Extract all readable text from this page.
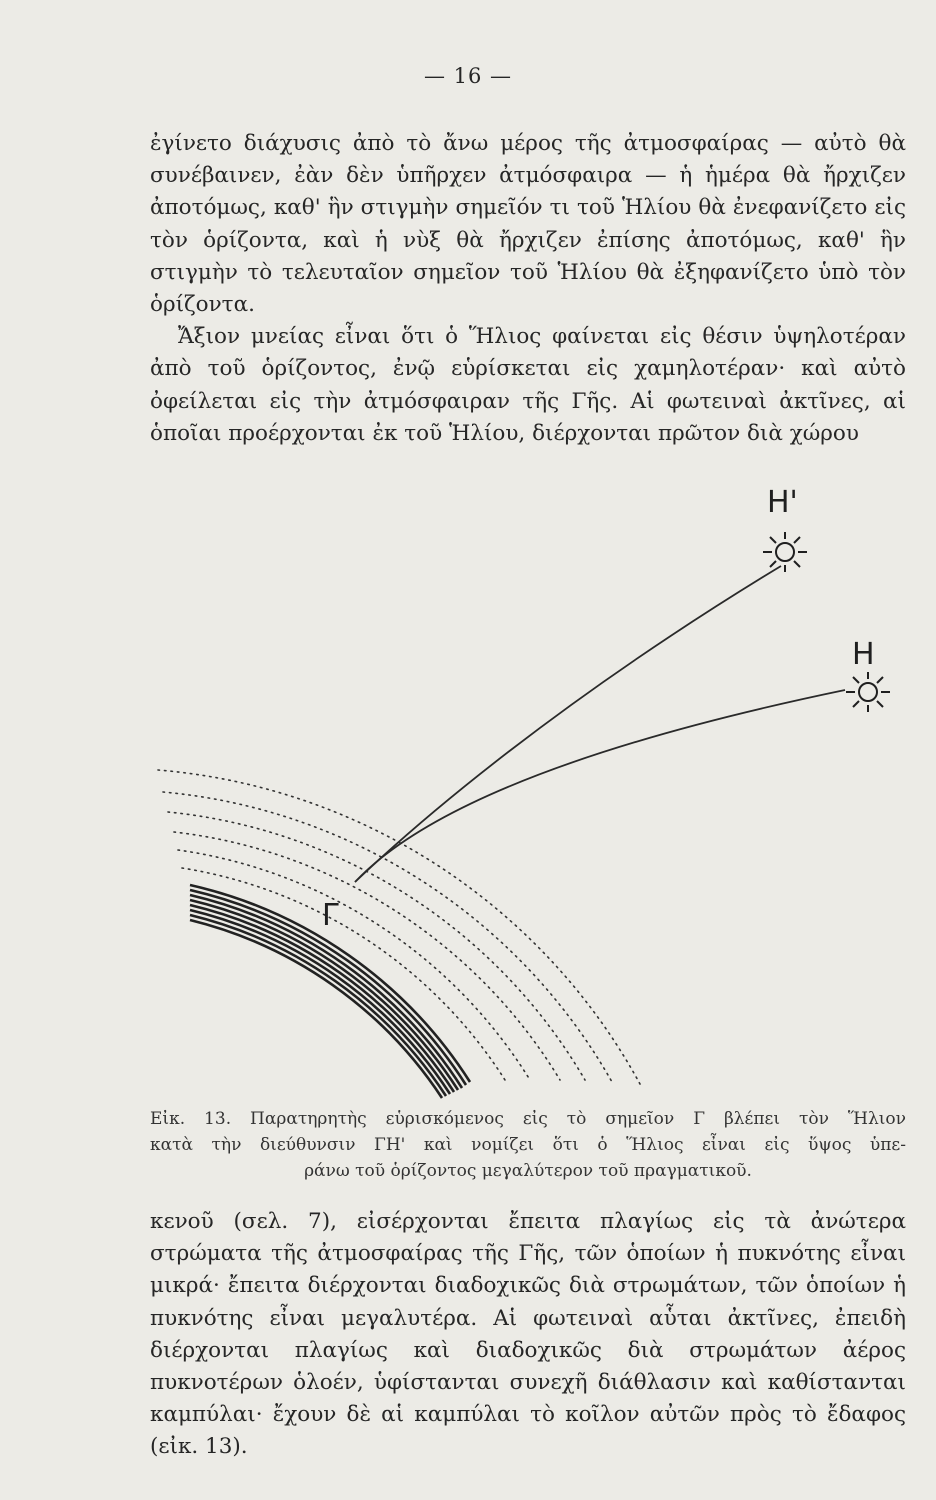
— 16 —

ἐγίνετο διάχυσις ἀπὸ τὸ ἄνω μέρος τῆς ἀτμοσφαίρας — αὐτὸ θὰ συνέβαινεν, ἐὰν δὲν ὑπῆρχεν ἀτμόσφαιρα — ἡ ἡμέρα θὰ ἤρχιζεν ἀποτόμως, καθ' ἣν στιγμὴν σημεῖόν τι τοῦ Ἡλίου θὰ ἐνεφανίζετο εἰς τὸν ὁρίζοντα, καὶ ἡ νὺξ θὰ ἤρχιζεν ἐπίσης ἀποτόμως, καθ' ἣν στιγμὴν τὸ τελευταῖον σημεῖον τοῦ Ἡλίου θὰ ἐξηφανίζετο ὑπὸ τὸν ὁρίζοντα.

Ἄξιον μνείας εἶναι ὅτι ὁ Ἥλιος φαίνεται εἰς θέσιν ὑψηλοτέραν ἀπὸ τοῦ ὁρίζοντος, ἐνῷ εὑρίσκεται εἰς χαμηλοτέραν· καὶ αὐτὸ ὀφείλεται εἰς τὴν ἀτμόσφαιραν τῆς Γῆς. Αἱ φωτειναὶ ἀκτῖνες, αἱ ὁποῖαι προέρχονται ἐκ τοῦ Ἡλίου, διέρχονται πρῶτον διὰ χώρου

Η'
Η
Γ
Εἰκ. 13. Παρατηρητὴς εὑρισκόμενος εἰς τὸ σημεῖον Γ βλέπει τὸν Ἥλιον
κατὰ τὴν διεύθυνσιν ΓΗ' καὶ νομίζει ὅτι ὁ Ἥλιος εἶναι εἰς ὕψος ὑπε-
ράνω τοῦ ὁρίζοντος μεγαλύτερον τοῦ πραγματικοῦ.

κενοῦ (σελ. 7), εἰσέρχονται ἔπειτα πλαγίως εἰς τὰ ἀνώτερα στρώματα τῆς ἀτμοσφαίρας τῆς Γῆς, τῶν ὁποίων ἡ πυκνότης εἶναι μικρά· ἔπειτα διέρχονται διαδοχικῶς διὰ στρωμάτων, τῶν ὁποίων ἡ πυκνότης εἶναι μεγαλυτέρα. Αἱ φωτειναὶ αὗται ἀκτῖνες, ἐπειδὴ διέρχονται πλαγίως καὶ διαδοχικῶς διὰ στρωμάτων ἀέρος πυκνοτέρων ὁλοέν, ὑφίστανται συνεχῆ διάθλασιν καὶ καθίστανται καμπύλαι· ἔχουν δὲ αἱ καμπύλαι τὸ κοῖλον αὐτῶν πρὸς τὸ ἔδαφος (εἰκ. 13).
